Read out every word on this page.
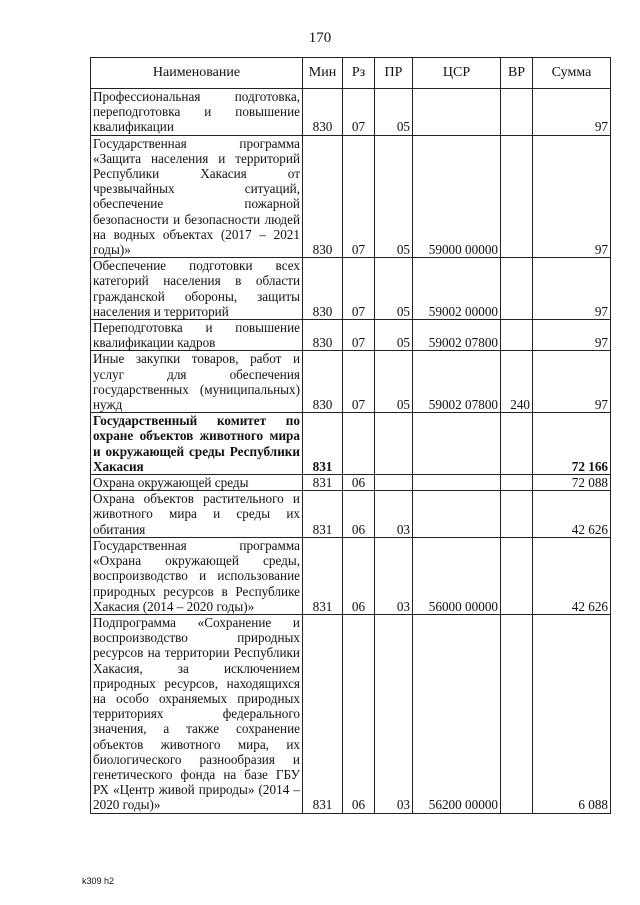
170
Наименование	Мин	Рз	ПР	ЦСР	ВР	Сумма
Профессиональная подготовка, переподготовка и повышение квалификации	830	07	05			97
Государственная программа «Защита населения и территорий Республики Хакасия от чрезвычайных ситуаций, обеспечение пожарной безопасности и безопасности людей на водных объектах (2017 – 2021 годы)»	830	07	05	59000 00000		97
Обеспечение подготовки всех категорий населения в области гражданской обороны, защиты населения и территорий	830	07	05	59002 00000		97
Переподготовка и повышение квалификации кадров	830	07	05	59002 07800		97
Иные закупки товаров, работ и услуг для обеспечения государственных (муниципальных) нужд	830	07	05	59002 07800	240	97
Государственный комитет по охране объектов животного мира и окружающей среды Республики Хакасия	831					72 166
Охрана окружающей среды	831	06				72 088
Охрана объектов растительного и животного мира и среды их обитания	831	06	03			42 626
Государственная программа «Охрана окружающей среды, воспроизводство и использование природных ресурсов в Республике Хакасия (2014 – 2020 годы)»	831	06	03	56000 00000		42 626
Подпрограмма «Сохранение и воспроизводство природных ресурсов на территории Республики Хакасия, за исключением природных ресурсов, находящихся на особо охраняемых природных территориях федерального значения, а также сохранение объектов животного мира, их биологического разнообразия и генетического фонда на базе ГБУ РХ «Центр живой природы» (2014 – 2020 годы)»	831	06	03	56200 00000		6 088
k309 h2
